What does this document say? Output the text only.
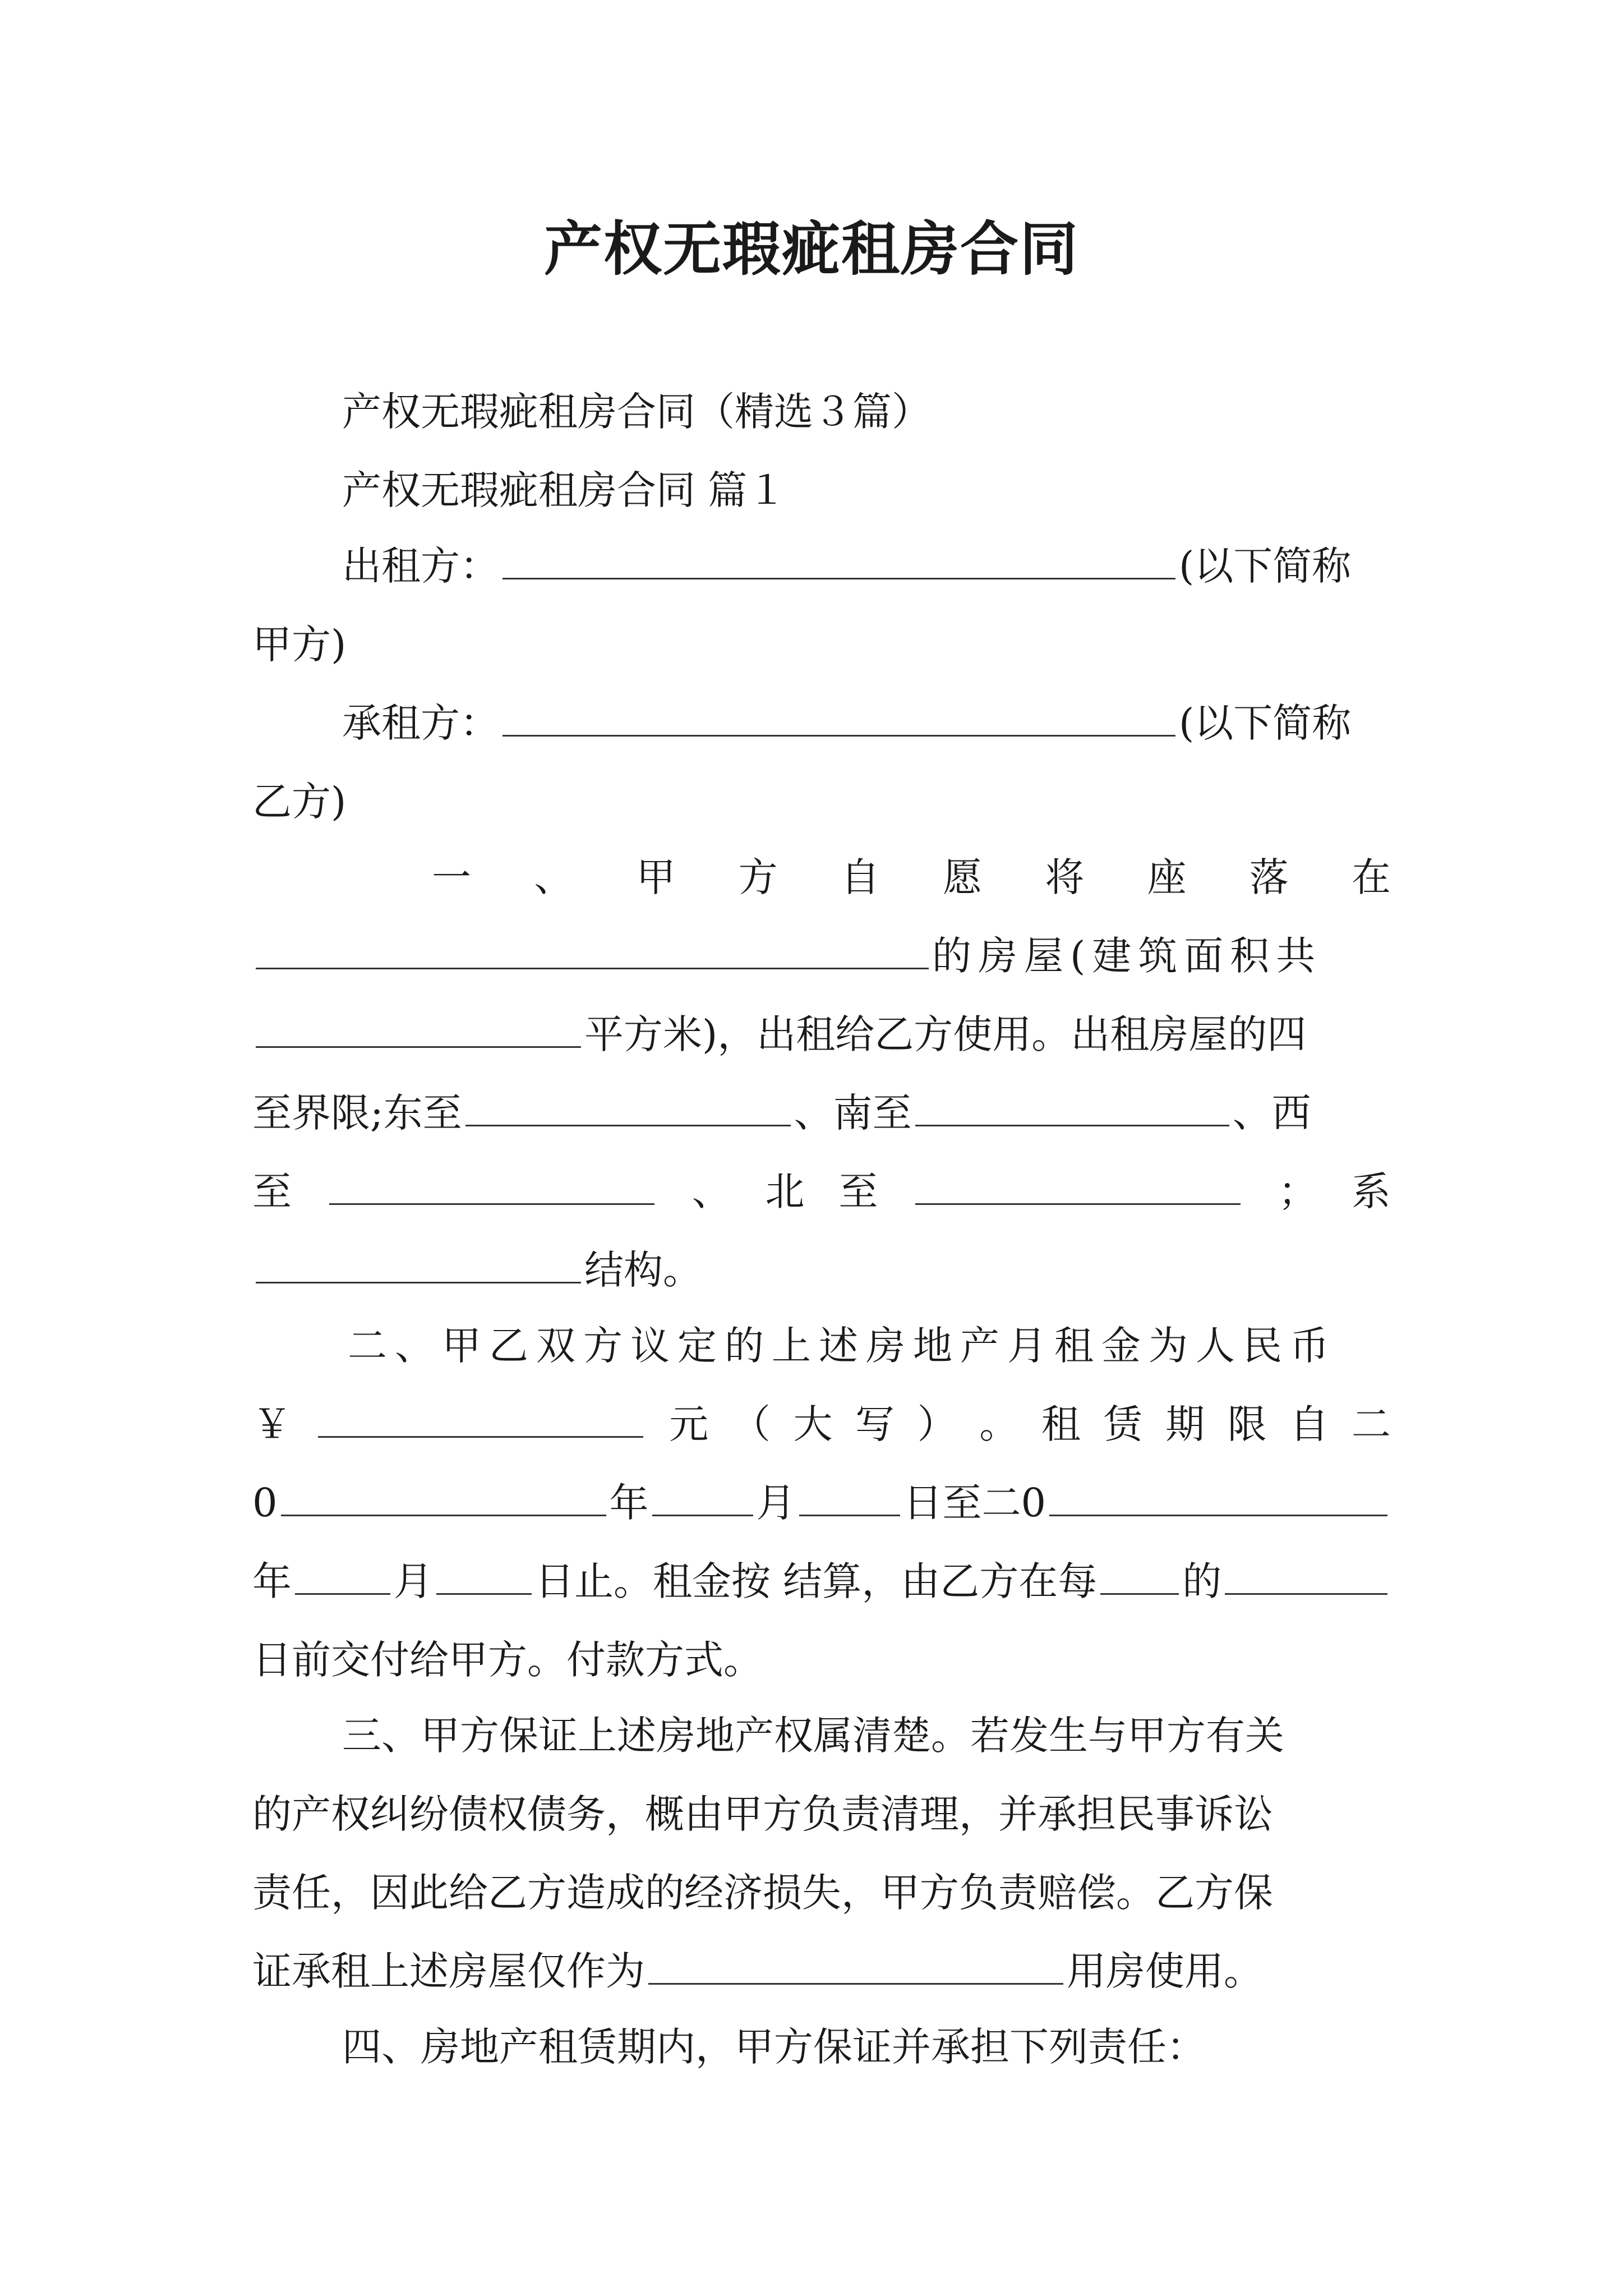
产权无瑕疵租房合同
产权无瑕疵租房合同（精选３篇）
产权无瑕疵租房合同 篇１
出租方：	(以下简称
甲方)
承租方：	(以下简称
乙方)
一 、 甲 方 自 愿 将 座 落 在
的房屋(建筑面积共
平方米)，出租给乙方使用。出租房屋的四
至界限;东至	、南至	、西
至	、 北 至	； 系
结构。
二、甲乙双方议定的上述房地产月租金为人民币
￥	元 （ 大 写 ） 。 租 赁 期 限 自 二
0	年	月	日至二0
年	月	日止。租金按 结算，由乙方在每 的
日前交付给甲方。付款方式。
三、甲方保证上述房地产权属清楚。若发生与甲方有关
的产权纠纷债权债务，概由甲方负责清理，并承担民事诉讼
责任，因此给乙方造成的经济损失，甲方负责赔偿。乙方保
证承租上述房屋仅作为	用房使用。
四、房地产租赁期内，甲方保证并承担下列责任：
